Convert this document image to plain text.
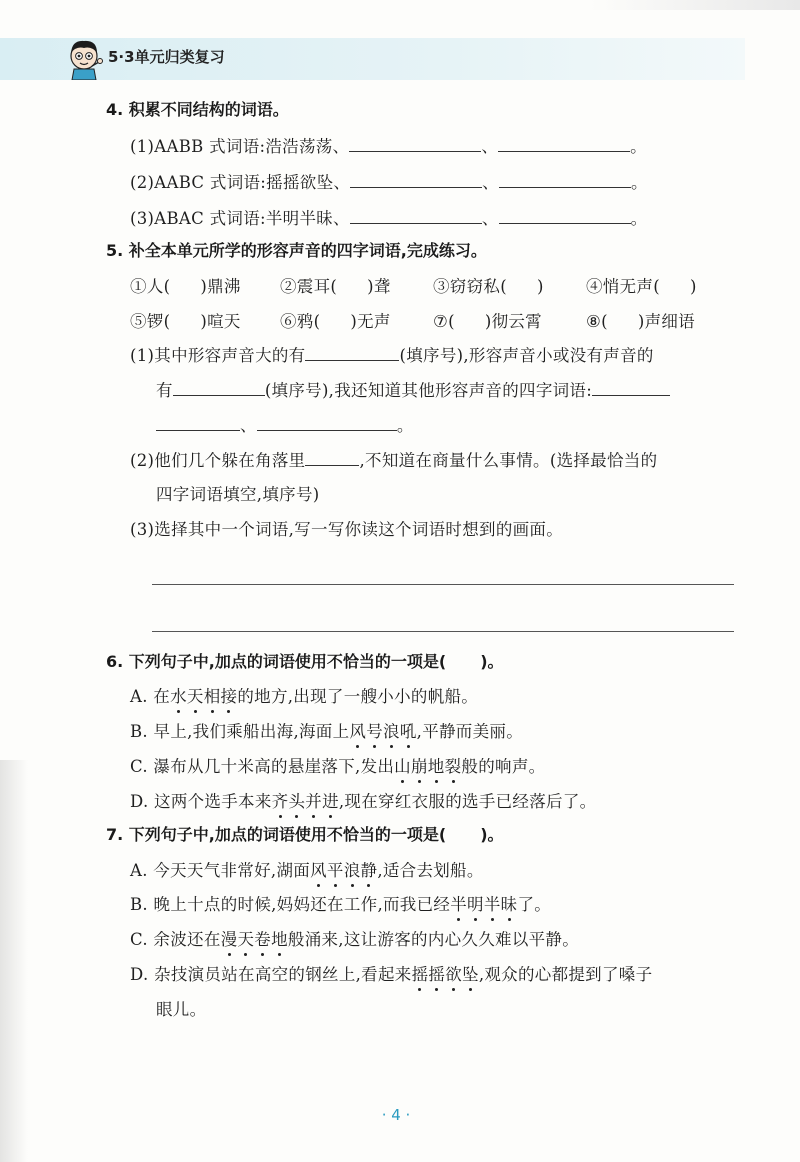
5·3单元归类复习
4. 积累不同结构的词语。
(1)AABB 式词语:浩浩荡荡、	、	。
(2)AABC 式词语:摇摇欲坠、	、	。
(3)ABAC 式词语:半明半昧、	、	。
5. 补全本单元所学的形容声音的四字词语,完成练习。
①人( )鼎沸 ②震耳( )聋	③窃窃私( )	④悄无声( )
⑤锣( )喧天 ⑥鸦( )无声	⑦( )彻云霄	⑧( )声细语
(1)其中形容声音大的有	(填序号),形容声音小或没有声音的
有	(填序号),我还知道其他形容声音的四字词语:
、	。
(2)他们几个躲在角落里	,不知道在商量什么事情。(选择最恰当的
四字词语填空,填序号)
(3)选择其中一个词语,写一写你读这个词语时想到的画面。
6. 下列句子中,加点的词语使用不恰当的一项是( )。
A. 在水天相接的地方,出现了一艘小小的帆船。
B. 早上,我们乘船出海,海面上风号浪吼,平静而美丽。
C. 瀑布从几十米高的悬崖落下,发出山崩地裂般的响声。
D. 这两个选手本来齐头并进,现在穿红衣服的选手已经落后了。
7. 下列句子中,加点的词语使用不恰当的一项是( )。
A. 今天天气非常好,湖面风平浪静,适合去划船。
B. 晚上十点的时候,妈妈还在工作,而我已经半明半昧了。
C. 余波还在漫天卷地般涌来,这让游客的内心久久难以平静。
D. 杂技演员站在高空的钢丝上,看起来摇摇欲坠,观众的心都提到了嗓子
眼儿。
· 4 ·
